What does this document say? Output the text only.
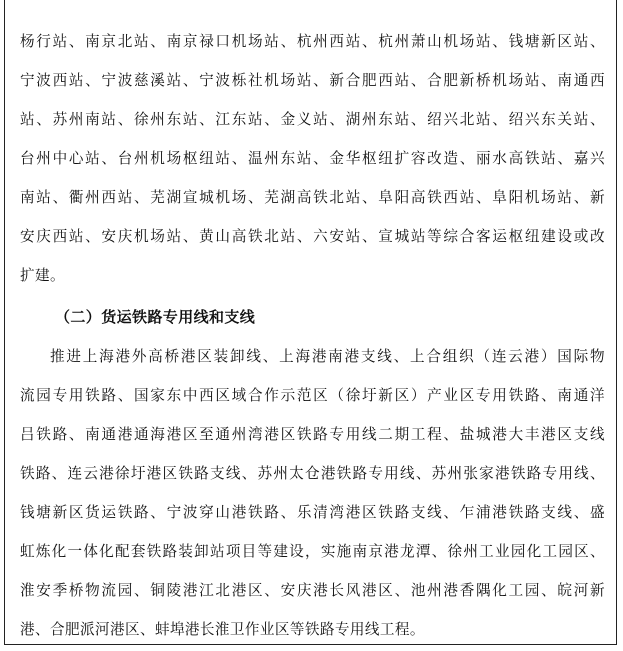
杨行站、南京北站、南京禄口机场站、杭州西站、杭州萧山机场站、钱塘新区站、
宁波西站、宁波慈溪站、宁波栎社机场站、新合肥西站、合肥新桥机场站、南通西
站、苏州南站、徐州东站、江东站、金义站、湖州东站、绍兴北站、绍兴东关站、
台州中心站、台州机场枢纽站、温州东站、金华枢纽扩容改造、丽水高铁站、嘉兴
南站、衢州西站、芜湖宣城机场、芜湖高铁北站、阜阳高铁西站、阜阳机场站、新
安庆西站、安庆机场站、黄山高铁北站、六安站、宣城站等综合客运枢纽建设或改
扩建。
（二）货运铁路专用线和支线
推进上海港外高桥港区装卸线、上海港南港支线、上合组织（连云港）国际物
流园专用铁路、国家东中西区域合作示范区（徐圩新区）产业区专用铁路、南通洋
吕铁路、南通港通海港区至通州湾港区铁路专用线二期工程、盐城港大丰港区支线
铁路、连云港徐圩港区铁路支线、苏州太仓港铁路专用线、苏州张家港铁路专用线、
钱塘新区货运铁路、宁波穿山港铁路、乐清湾港区铁路支线、乍浦港铁路支线、盛
虹炼化一体化配套铁路装卸站项目等建设，实施南京港龙潭、徐州工业园化工园区、
淮安季桥物流园、铜陵港江北港区、安庆港长风港区、池州港香隅化工园、皖河新
港、合肥派河港区、蚌埠港长淮卫作业区等铁路专用线工程。
